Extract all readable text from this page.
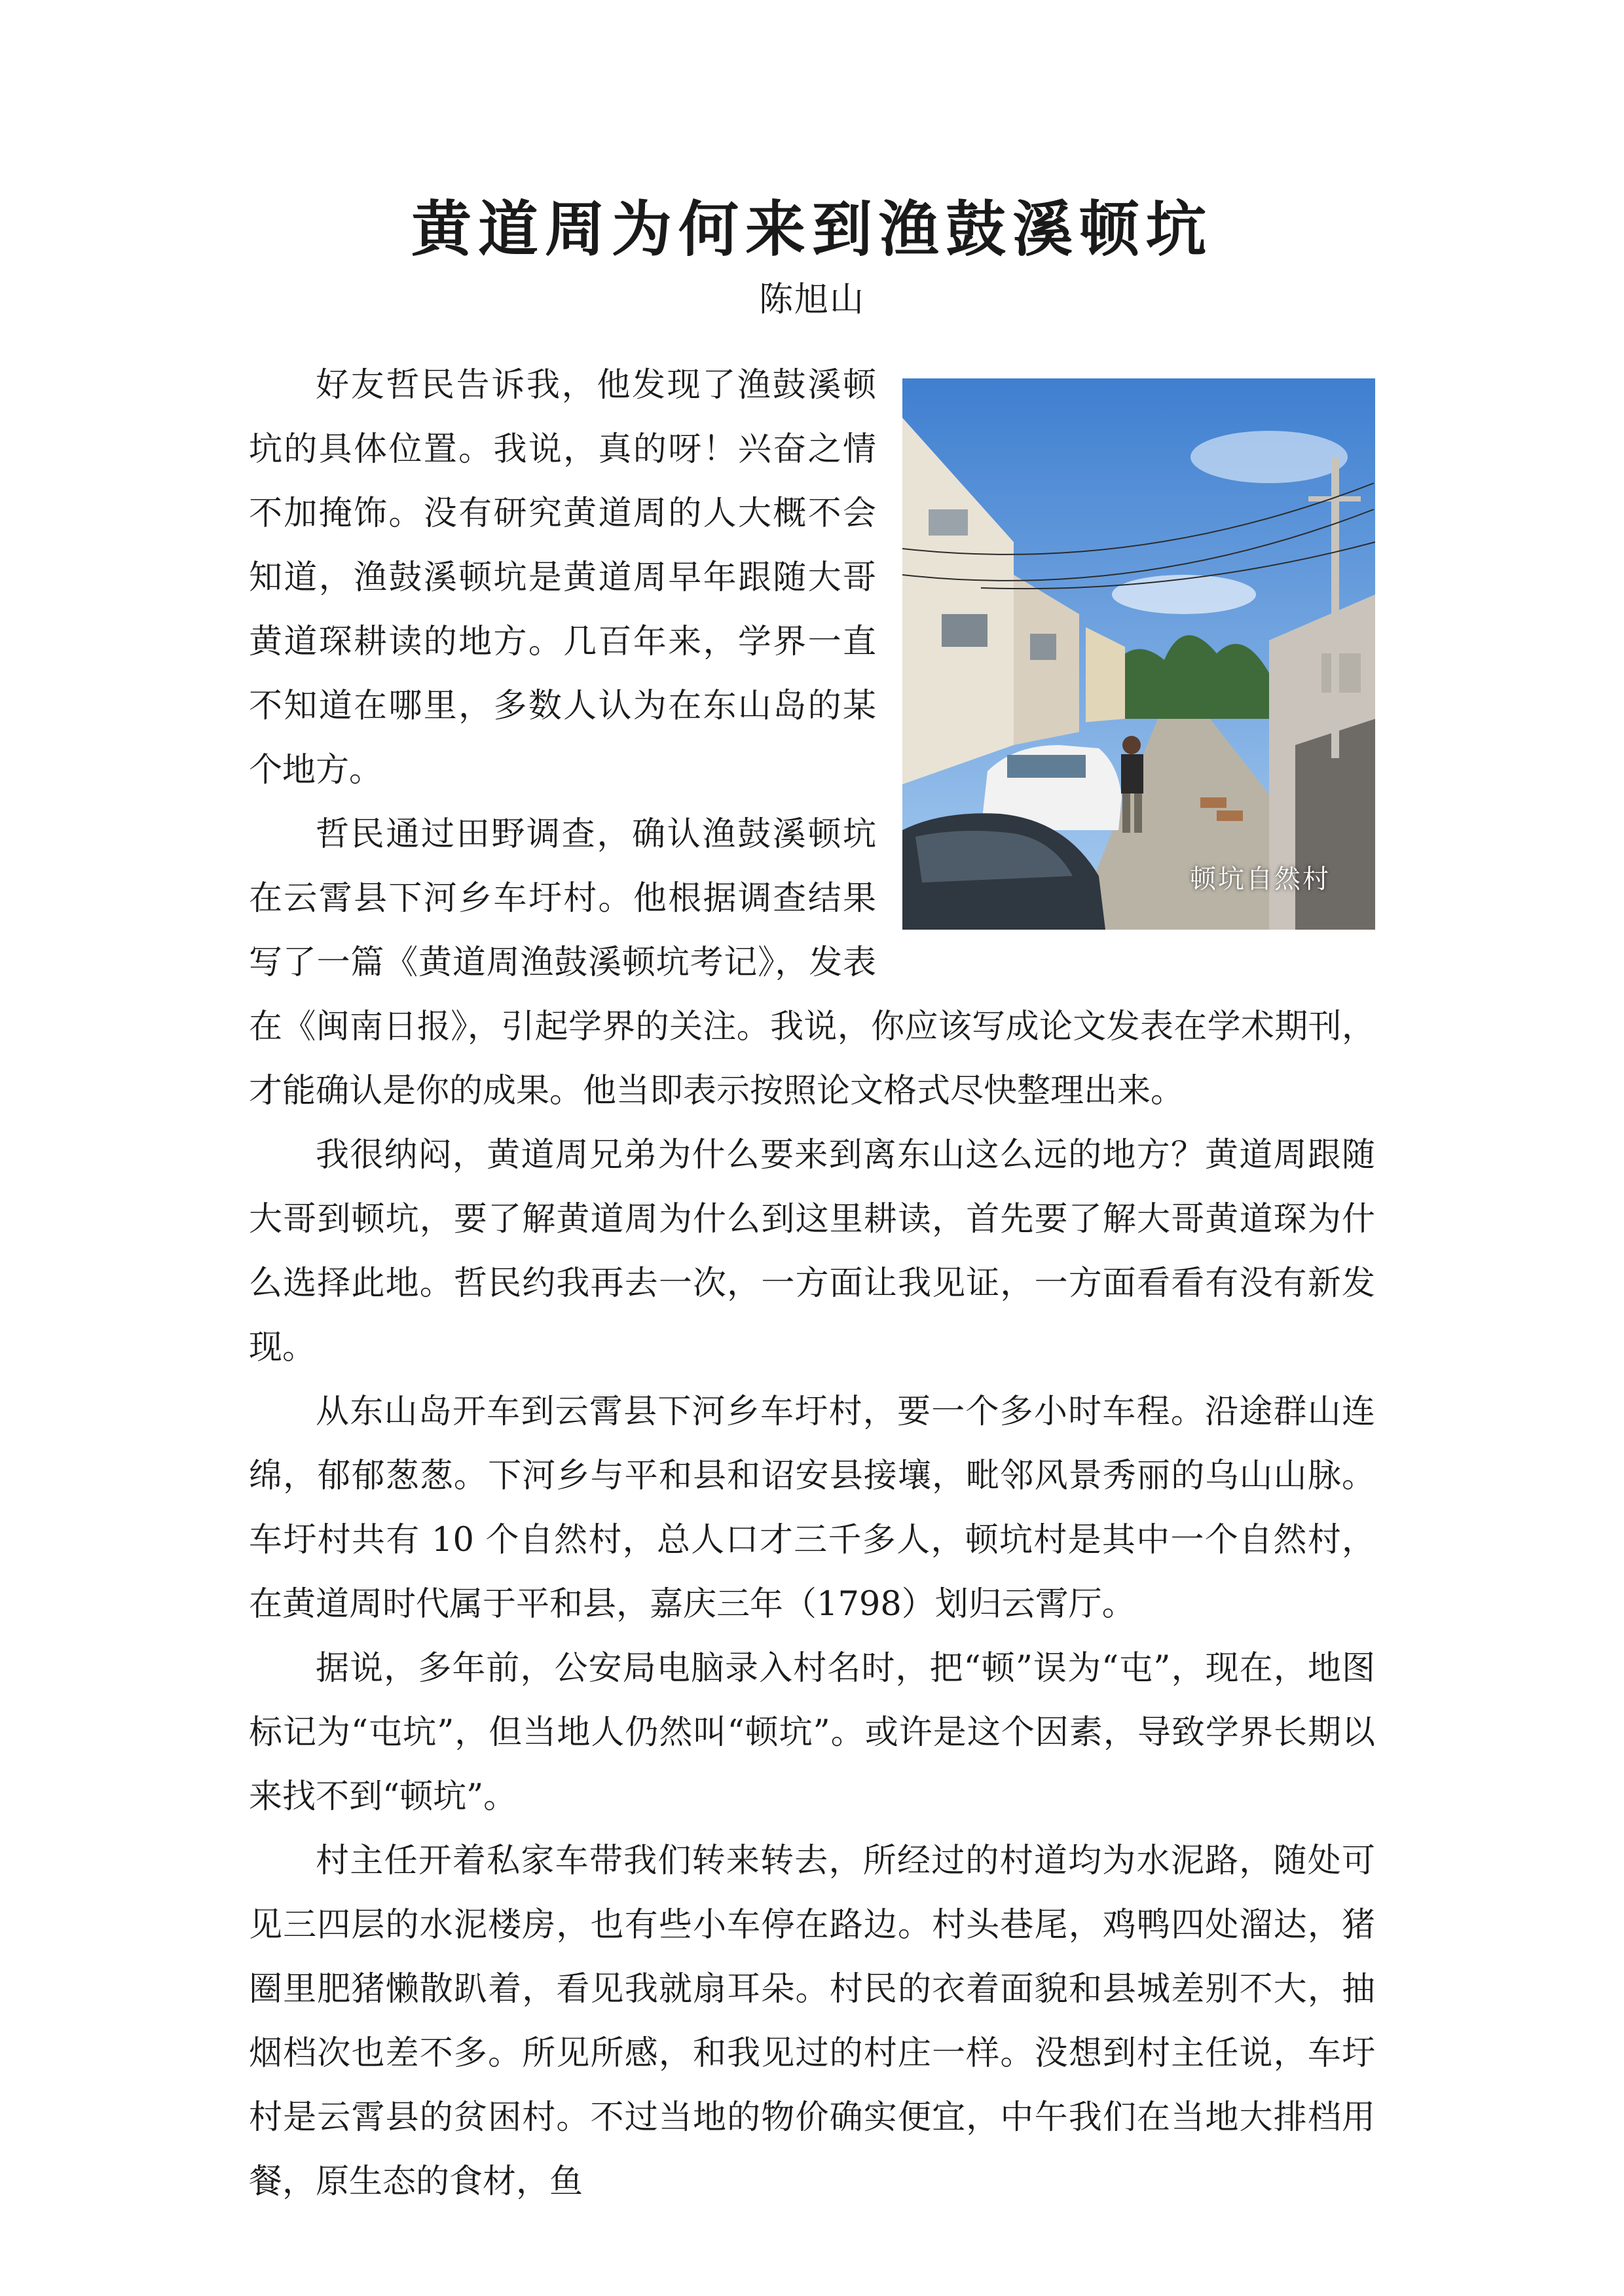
黄道周为何来到渔鼓溪顿坑
陈旭山
顿坑自然村

好友哲民告诉我，他发现了渔鼓溪顿坑的具体位置。我说，真的呀！兴奋之情不加掩饰。没有研究黄道周的人大概不会知道，渔鼓溪顿坑是黄道周早年跟随大哥黄道琛耕读的地方。几百年来，学界一直不知道在哪里，多数人认为在东山岛的某个地方。

哲民通过田野调查，确认渔鼓溪顿坑在云霄县下河乡车圩村。他根据调查结果写了一篇《黄道周渔鼓溪顿坑考记》，发表在《闽南日报》，引起学界的关注。我说，你应该写成论文发表在学术期刊，才能确认是你的成果。他当即表示按照论文格式尽快整理出来。

我很纳闷，黄道周兄弟为什么要来到离东山这么远的地方？黄道周跟随大哥到顿坑，要了解黄道周为什么到这里耕读，首先要了解大哥黄道琛为什么选择此地。哲民约我再去一次，一方面让我见证，一方面看看有没有新发现。

从东山岛开车到云霄县下河乡车圩村，要一个多小时车程。沿途群山连绵，郁郁葱葱。下河乡与平和县和诏安县接壤，毗邻风景秀丽的乌山山脉。车圩村共有 10 个自然村，总人口才三千多人，顿坑村是其中一个自然村，在黄道周时代属于平和县，嘉庆三年（1798）划归云霄厅。

据说，多年前，公安局电脑录入村名时，把“顿”误为“屯”，现在，地图标记为“屯坑”，但当地人仍然叫“顿坑”。或许是这个因素，导致学界长期以来找不到“顿坑”。

村主任开着私家车带我们转来转去，所经过的村道均为水泥路，随处可见三四层的水泥楼房，也有些小车停在路边。村头巷尾，鸡鸭四处溜达，猪圈里肥猪懒散趴着，看见我就扇耳朵。村民的衣着面貌和县城差别不大，抽烟档次也差不多。所见所感，和我见过的村庄一样。没想到村主任说，车圩村是云霄县的贫困村。不过当地的物价确实便宜，中午我们在当地大排档用餐，原生态的食材，鱼
